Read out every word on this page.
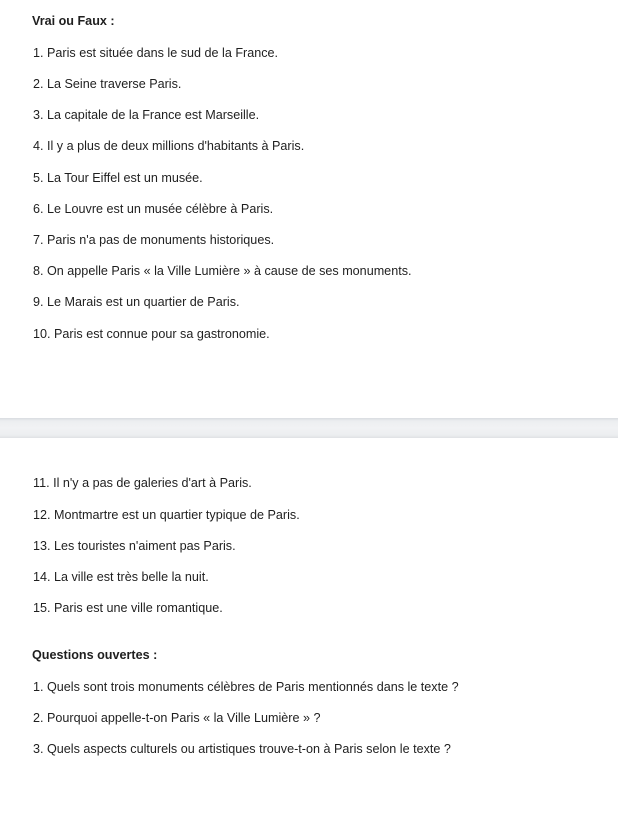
Vrai ou Faux :
1. Paris est située dans le sud de la France.
2. La Seine traverse Paris.
3. La capitale de la France est Marseille.
4. Il y a plus de deux millions d'habitants à Paris.
5. La Tour Eiffel est un musée.
6. Le Louvre est un musée célèbre à Paris.
7. Paris n'a pas de monuments historiques.
8. On appelle Paris « la Ville Lumière » à cause de ses monuments.
9. Le Marais est un quartier de Paris.
10. Paris est connue pour sa gastronomie.
11. Il n'y a pas de galeries d'art à Paris.
12. Montmartre est un quartier typique de Paris.
13. Les touristes n'aiment pas Paris.
14. La ville est très belle la nuit.
15. Paris est une ville romantique.
Questions ouvertes :
1. Quels sont trois monuments célèbres de Paris mentionnés dans le texte ?
2. Pourquoi appelle-t-on Paris « la Ville Lumière » ?
3. Quels aspects culturels ou artistiques trouve-t-on à Paris selon le texte ?
